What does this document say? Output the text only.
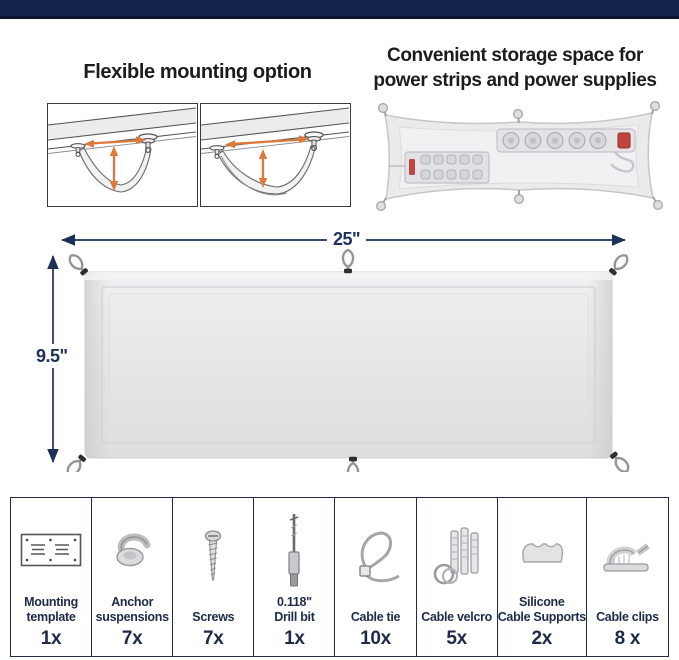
Flexible mounting option
Convenient storage space for
power strips and power supplies
25"
9.5"
Mounting
template
1x
Anchor
suspensions
7x
Screws
7x
0.118"
Drill bit
1x
Cable tie
10x
Cable velcro
5x
Silicone
Cable Supports
2x
Cable clips
8 x
